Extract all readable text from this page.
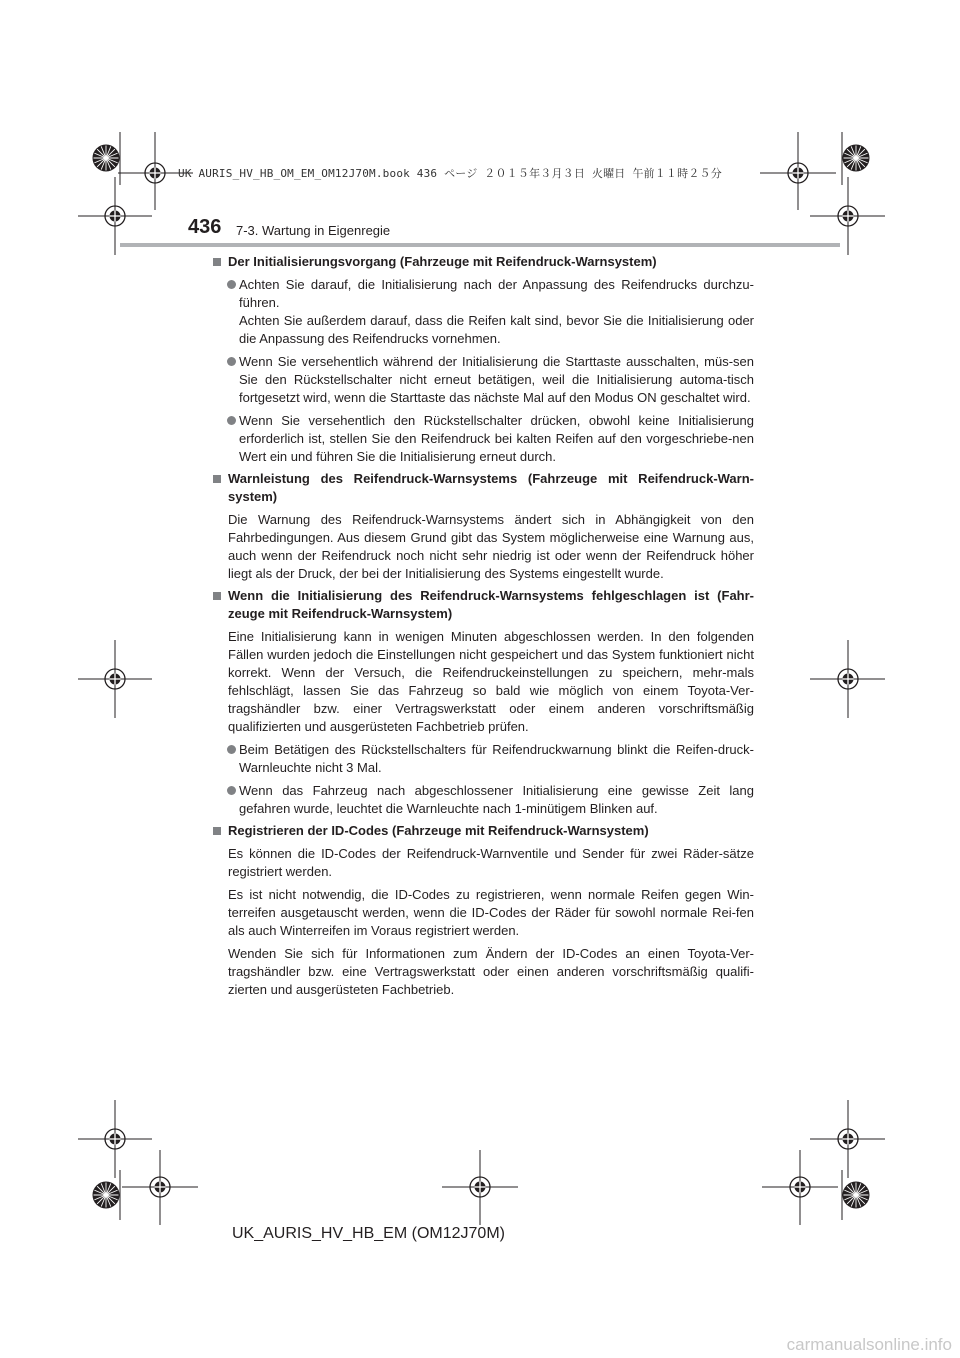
UK AURIS_HV_HB_OM_EM_OM12J70M.book 436 ページ ２０１５年３月３日 火曜日 午前１１時２５分
436 7-3. Wartung in Eigenregie
Der Initialisierungsvorgang (Fahrzeuge mit Reifendruck-Warnsystem)
Achten Sie darauf, die Initialisierung nach der Anpassung des Reifendrucks durchzu-führen.
Achten Sie außerdem darauf, dass die Reifen kalt sind, bevor Sie die Initialisierung oder die Anpassung des Reifendrucks vornehmen.
Wenn Sie versehentlich während der Initialisierung die Starttaste ausschalten, müs-sen Sie den Rückstellschalter nicht erneut betätigen, weil die Initialisierung automa-tisch fortgesetzt wird, wenn die Starttaste das nächste Mal auf den Modus ON geschaltet wird.
Wenn Sie versehentlich den Rückstellschalter drücken, obwohl keine Initialisierung erforderlich ist, stellen Sie den Reifendruck bei kalten Reifen auf den vorgeschriebe-nen Wert ein und führen Sie die Initialisierung erneut durch.
Warnleistung des Reifendruck-Warnsystems (Fahrzeuge mit Reifendruck-Warn-system)
Die Warnung des Reifendruck-Warnsystems ändert sich in Abhängigkeit von den Fahrbedingungen. Aus diesem Grund gibt das System möglicherweise eine Warnung aus, auch wenn der Reifendruck noch nicht sehr niedrig ist oder wenn der Reifendruck höher liegt als der Druck, der bei der Initialisierung des Systems eingestellt wurde.
Wenn die Initialisierung des Reifendruck-Warnsystems fehlgeschlagen ist (Fahr-zeuge mit Reifendruck-Warnsystem)
Eine Initialisierung kann in wenigen Minuten abgeschlossen werden. In den folgenden Fällen wurden jedoch die Einstellungen nicht gespeichert und das System funktioniert nicht korrekt. Wenn der Versuch, die Reifendruckeinstellungen zu speichern, mehr-mals fehlschlägt, lassen Sie das Fahrzeug so bald wie möglich von einem Toyota-Ver-tragshändler bzw. einer Vertragswerkstatt oder einem anderen vorschriftsmäßig qualifizierten und ausgerüsteten Fachbetrieb prüfen.
Beim Betätigen des Rückstellschalters für Reifendruckwarnung blinkt die Reifen-druck-Warnleuchte nicht 3 Mal.
Wenn das Fahrzeug nach abgeschlossener Initialisierung eine gewisse Zeit lang gefahren wurde, leuchtet die Warnleuchte nach 1-minütigem Blinken auf.
Registrieren der ID-Codes (Fahrzeuge mit Reifendruck-Warnsystem)
Es können die ID-Codes der Reifendruck-Warnventile und Sender für zwei Räder-sätze registriert werden.
Es ist nicht notwendig, die ID-Codes zu registrieren, wenn normale Reifen gegen Win-terreifen ausgetauscht werden, wenn die ID-Codes der Räder für sowohl normale Rei-fen als auch Winterreifen im Voraus registriert werden.
Wenden Sie sich für Informationen zum Ändern der ID-Codes an einen Toyota-Ver-tragshändler bzw. eine Vertragswerkstatt oder einen anderen vorschriftsmäßig qualifi-zierten und ausgerüsteten Fachbetrieb.
UK_AURIS_HV_HB_EM (OM12J70M)
carmanualsonline.info
